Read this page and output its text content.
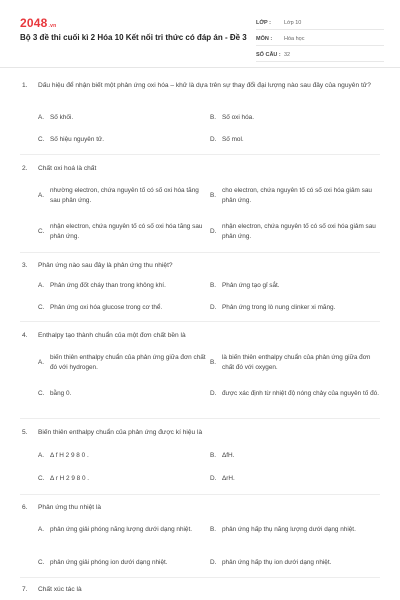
2048.vn
Bộ 3 đề thi cuối kì 2 Hóa 10 Kết nối tri thức có đáp án - Đề 3
LỚP :	Lớp 10
MÔN :	Hóa học
SỐ CÂU : 32
1.	Dấu hiệu để nhận biết một phản ứng oxi hóa – khử là dựa trên sự thay đổi đại lượng nào sau đây của nguyên tử?
A. Số khối.	B. Số oxi hóa.
C. Số hiệu nguyên tử.	D. Số mol.
2.	Chất oxi hoá là chất
A.
nhường electron, chứa nguyên tố có số oxi hóa tăng sau phản ứng.
B.
cho electron, chứa nguyên tố có số oxi hóa giảm sau phản ứng.
C.
nhận electron, chứa nguyên tố có số oxi hóa tăng sau phản ứng.
D.
nhận electron, chứa nguyên tố có số oxi hóa giảm sau phản ứng.
3.	Phản ứng nào sau đây là phản ứng thu nhiệt?
A. Phản ứng đốt cháy than trong không khí.	B. Phản ứng tạo gỉ sắt.
C. Phản ứng oxi hóa glucose trong cơ thể.	D. Phản ứng trong lò nung clinker xi măng.
4.	Enthalpy tạo thành chuẩn của một đơn chất bền là
A.
biến thiên enthalpy chuẩn của phản ứng giữa đơn chất đó với hydrogen.
B.
là biến thiên enthalpy chuẩn của phản ứng giữa đơn chất đó với oxygen.
C. bằng 0.	D. được xác định từ nhiệt độ nóng chảy của nguyên tố đó.
5.	Biến thiên enthalpy chuẩn của phản ứng được kí hiệu là
A. Δ f H 2 9 8 0 .	B. ΔfH.
C. Δ r H 2 9 8 0 .	D. ΔrH.
6.	Phản ứng thu nhiệt là
A. phản ứng giải phóng năng lượng dưới dạng nhiệt.	B. phản ứng hấp thụ năng lượng dưới dạng nhiệt.
C. phản ứng giải phóng ion dưới dạng nhiệt.	D. phản ứng hấp thụ ion dưới dạng nhiệt.
7.	Chất xúc tác là
